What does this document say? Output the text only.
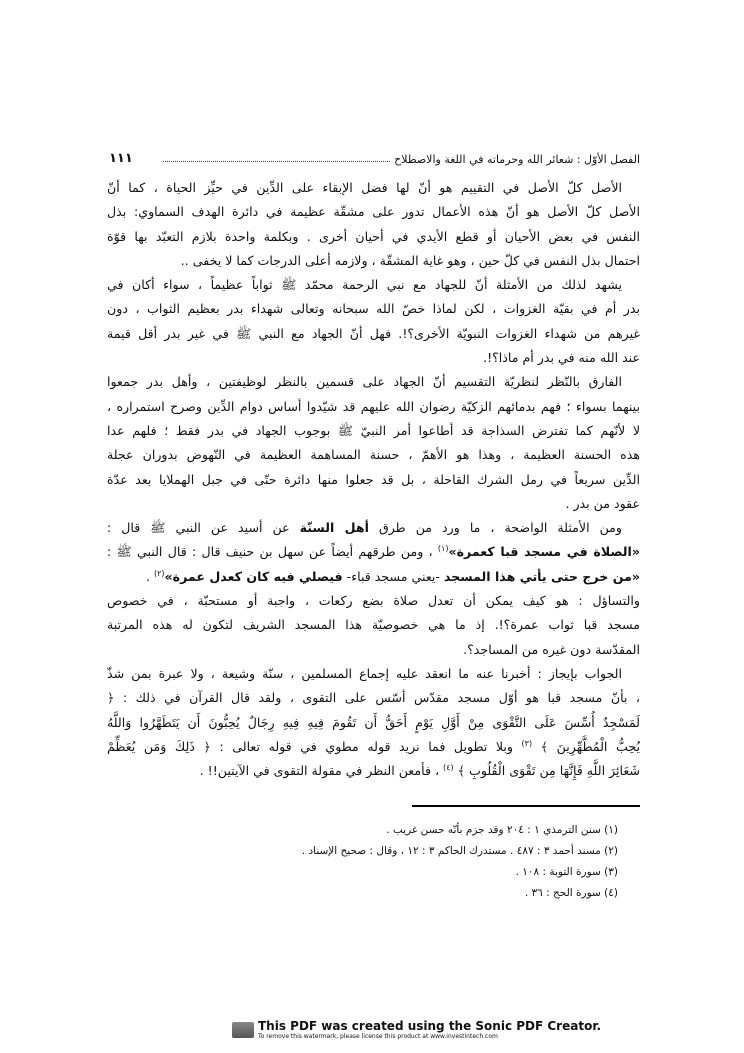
الفصل الأوّل : شعائر الله وحرماته في اللغة والاصطلاح
١١١
الأصل كلّ الأصل في التقييم هو أنّ لها فضل الإبقاء على الدِّين في حيِّز الحياة ، كما أنّ
الأصل كلّ الأصل هو أنّ هذه الأعمال تدور على مشقّة عظيمة في دائرة الهدف السماوي: بذل
النفس في بعض الأحيان أو قطع الأيدي في أحيان أخرى . وبكلمة واحدة بلازم التعبّد بها قوّة
احتمال بذل النفس في كلّ حين ، وهو غاية المشقّة ، ولازمه أعلى الدرجات كما لا يخفى ..
يشهد لذلك من الأمثلة أنّ للجهاد مع نبي الرحمة محمّد ﷺ ثواباً عظيماً ، سواء أكان في
بدر أم في بقيّة الغزوات ، لكن لماذا خصّ الله سبحانه وتعالى شهداء بدر بعظيم الثواب ، دون
غيرهم من شهداء الغزوات النبويّة الأخرى؟!. فهل أنّ الجهاد مع النبي ﷺ في غير بدر أقل قيمة
عند الله منه في بدر أم ماذا؟!.
الفارق بالنّظر لنظريّة التقسيم أنّ الجهاد على قسمين بالنظر لوظيفتين ، وأهل بدر جمعوا
بينهما بسواء ؛ فهم بدمائهم الزكيّة رضوان الله عليهم قد شيّدوا أساس دوام الدِّين وصرح استمراره ،
لا لأنّهم كما تفترض السذاجة قد أطاعوا أمر النبيّ ﷺ بوجوب الجهاد في بدر فقط ؛ فلهم عدا
هذه الحسنة العظيمة ، وهذا هو الأهمّ ، حسنة المساهمة العظيمة في النّهوض بدوران عجلة
الدِّين سريعاً في رمل الشرك القاحلة ، بل قد جعلوا منها دائرة حتّى في جبل الهملايا بعد عدّة
عقود من بدر .
ومن الأمثلة الواضحة ، ما ورد من طرق أهل السنّة عن أسيد عن النبي ﷺ قال :
«الصلاة في مسجد قبا كعمرة»$^{(١)}$ ، ومن طرقهم أيضاً عن سهل بن حنيف قال : قال النبي ﷺ :
«من خرج حتى يأتي هذا المسجد -يعني مسجد قباء- فيصلي فيه كان كعدل عمرة»$^{(٢)}$ .
والتساؤل : هو كيف يمكن أن تعدل صلاة بضع ركعات ، واجبة أو مستحبّة ، في خصوص
مسجد قبا ثواب عمرة؟!. إذ ما هي خصوصيّة هذا المسجد الشريف لتكون له هذه المرتبة
المقدّسة دون غيره من المساجد؟.
الجواب بإيجاز : أخبرنا عنه ما انعقد عليه إجماع المسلمين ، سنّة وشيعة ، ولا عبرة بمن شذّ
، بأنّ مسجد قبا هو أوّل مسجد مقدّس أسّس على التقوى ، ولقد قال القرآن في ذلك : ﴿
لَمَسْجِدٌ أُسِّسَ عَلَى التَّقْوَى مِنْ أَوَّلِ يَوْمٍ أَحَقُّ أَن تَقُومَ فِيهِ فِيهِ رِجَالٌ يُحِبُّونَ أَن يَتَطَهَّرُوا وَاللَّهُ
يُحِبُّ الْمُطَّهِّرِينَ ﴾ $^{(٣)}$ وبلا تطويل فما نريد قوله مطوي في قوله تعالى : ﴿ ذَلِكَ وَمَن يُعَظِّمْ
شَعَائِرَ اللَّهِ فَإِنَّهَا مِن تَقْوَى الْقُلُوبِ ﴾ $^{(٤)}$ ، فأمعن النظر في مقولة التقوى في الآيتين!! .
(١) سنن الترمذي ١ : ٢٠٤ وقد جزم بأنّه حسن غريب .
(٢) مسند أحمد ٣ : ٤٨٧ . مستدرك الحاكم ٣ : ١٢ ، وقال : صحيح الإسناد .
(٣) سورة التوبة : ١٠٨ .
(٤) سورة الحج : ٣٦ .
This PDF was created using the Sonic PDF Creator.
To remove this watermark, please license this product at www.investintech.com
